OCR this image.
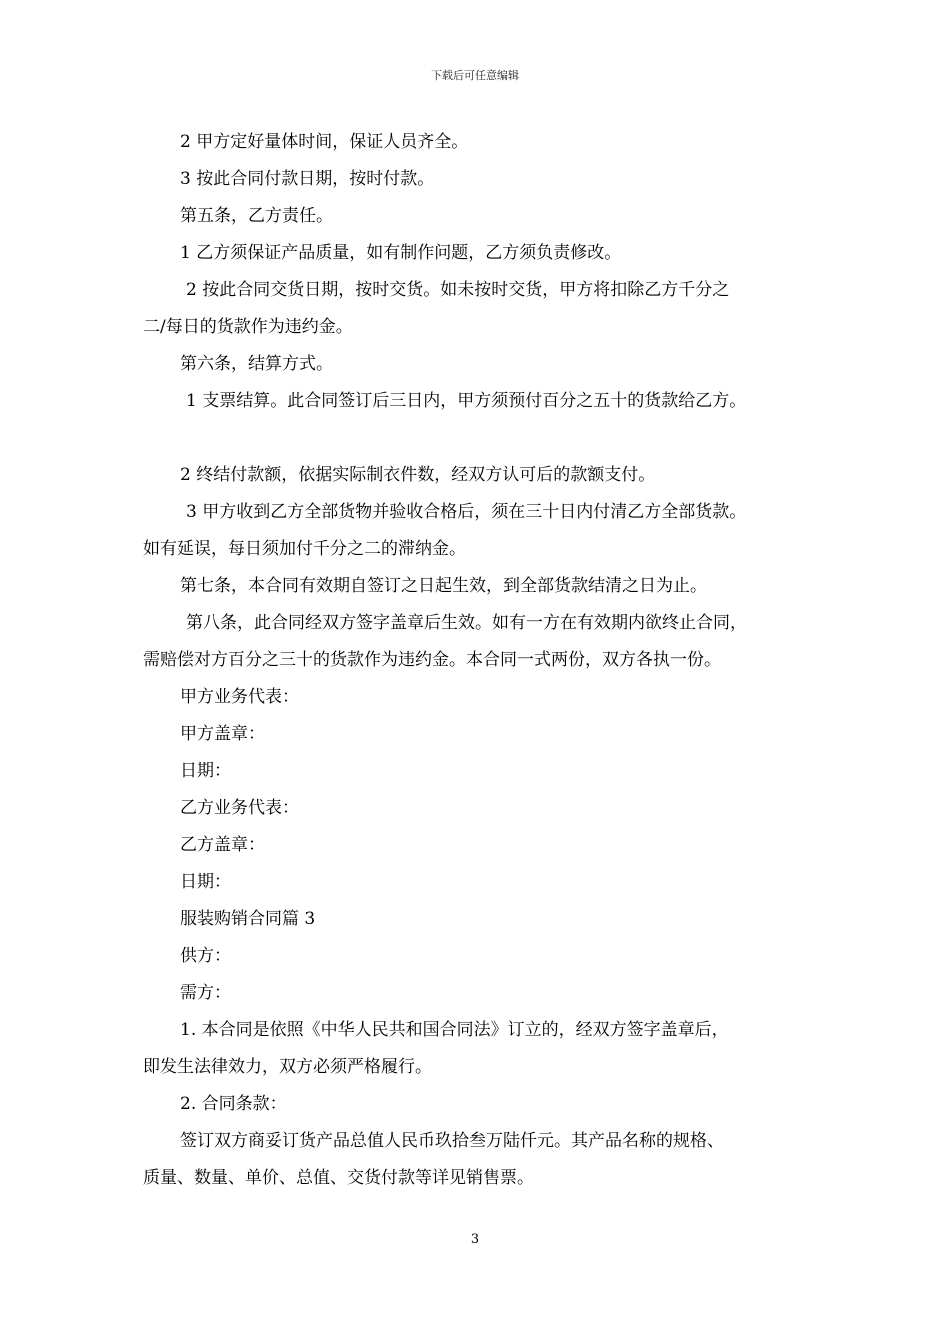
下载后可任意编辑

2 甲方定好量体时间，保证人员齐全。

3 按此合同付款日期，按时付款。

第五条，乙方责任。

1 乙方须保证产品质量，如有制作问题，乙方须负责修改。

2 按此合同交货日期，按时交货。如未按时交货，甲方将扣除乙方千分之

二/每日的货款作为违约金。

第六条，结算方式。

1 支票结算。此合同签订后三日内，甲方须预付百分之五十的货款给乙方。

2 终结付款额，依据实际制衣件数，经双方认可后的款额支付。

3 甲方收到乙方全部货物并验收合格后，须在三十日内付清乙方全部货款。

如有延误，每日须加付千分之二的滞纳金。

第七条，本合同有效期自签订之日起生效，到全部货款结清之日为止。

第八条，此合同经双方签字盖章后生效。如有一方在有效期内欲终止合同，

需赔偿对方百分之三十的货款作为违约金。本合同一式两份，双方各执一份。

甲方业务代表：

甲方盖章：

日期：

乙方业务代表：

乙方盖章：

日期：

服装购销合同篇 3

供方：

需方：

1. 本合同是依照《中华人民共和国合同法》订立的，经双方签字盖章后，

即发生法律效力，双方必须严格履行。

2. 合同条款：

签订双方商妥订货产品总值人民币玖拾叁万陆仟元。其产品名称的规格、

质量、数量、单价、总值、交货付款等详见销售票。

3
